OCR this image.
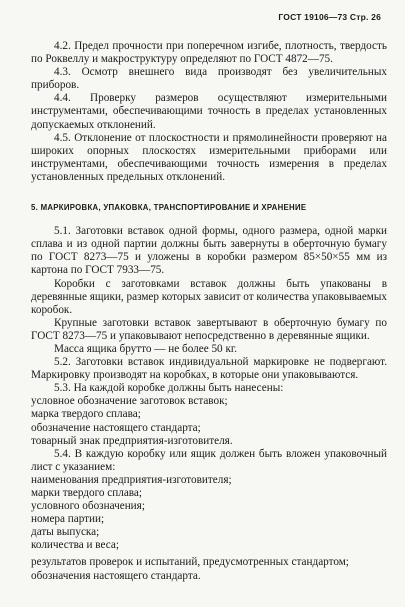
ГОСТ 19106—73 Стр. 26

4.2. Предел прочности при поперечном изгибе, плотность, твердость по Роквеллу и макроструктуру определяют по ГОСТ 4872—75.

4.3. Осмотр внешнего вида производят без увеличительных приборов.

4.4. Проверку размеров осуществляют измерительными инструментами, обеспечивающими точность в пределах установленных допускаемых отклонений.

4.5. Отклонение от плоскостности и прямолинейности проверяют на широких опорных плоскостях измерительными приборами или инструментами, обеспечивающими точность измерения в пределах установленных предельных отклонений.

5. МАРКИРОВКА, УПАКОВКА, ТРАНСПОРТИРОВАНИЕ И ХРАНЕНИЕ

5.1. Заготовки вставок одной формы, одного размера, одной марки сплава и из одной партии должны быть завернуты в оберточную бумагу по ГОСТ 8273—75 и уложены в коробки размером 85×50×55 мм из картона по ГОСТ 7933—75.

Коробки с заготовками вставок должны быть упакованы в деревянные ящики, размер которых зависит от количества упаковываемых коробок.

Крупные заготовки вставок завертывают в оберточную бумагу по ГОСТ 8273—75 и упаковывают непосредственно в деревянные ящики.

Масса ящика брутто — не более 50 кг.

5.2. Заготовки вставок индивидуальной маркировке не подвергают. Маркировку производят на коробках, в которые они упаковываются.

5.3. На каждой коробке должны быть нанесены:

условное обозначение заготовок вставок;

марка твердого сплава;

обозначение настоящего стандарта;

товарный знак предприятия-изготовителя.

5.4. В каждую коробку или ящик должен быть вложен упаковочный лист с указанием:

наименования предприятия-изготовителя;

марки твердого сплава;

условного обозначения;

номера партии;

даты выпуска;

количества и веса;

результатов проверок и испытаний, предусмотренных стандартом;

обозначения настоящего стандарта.
